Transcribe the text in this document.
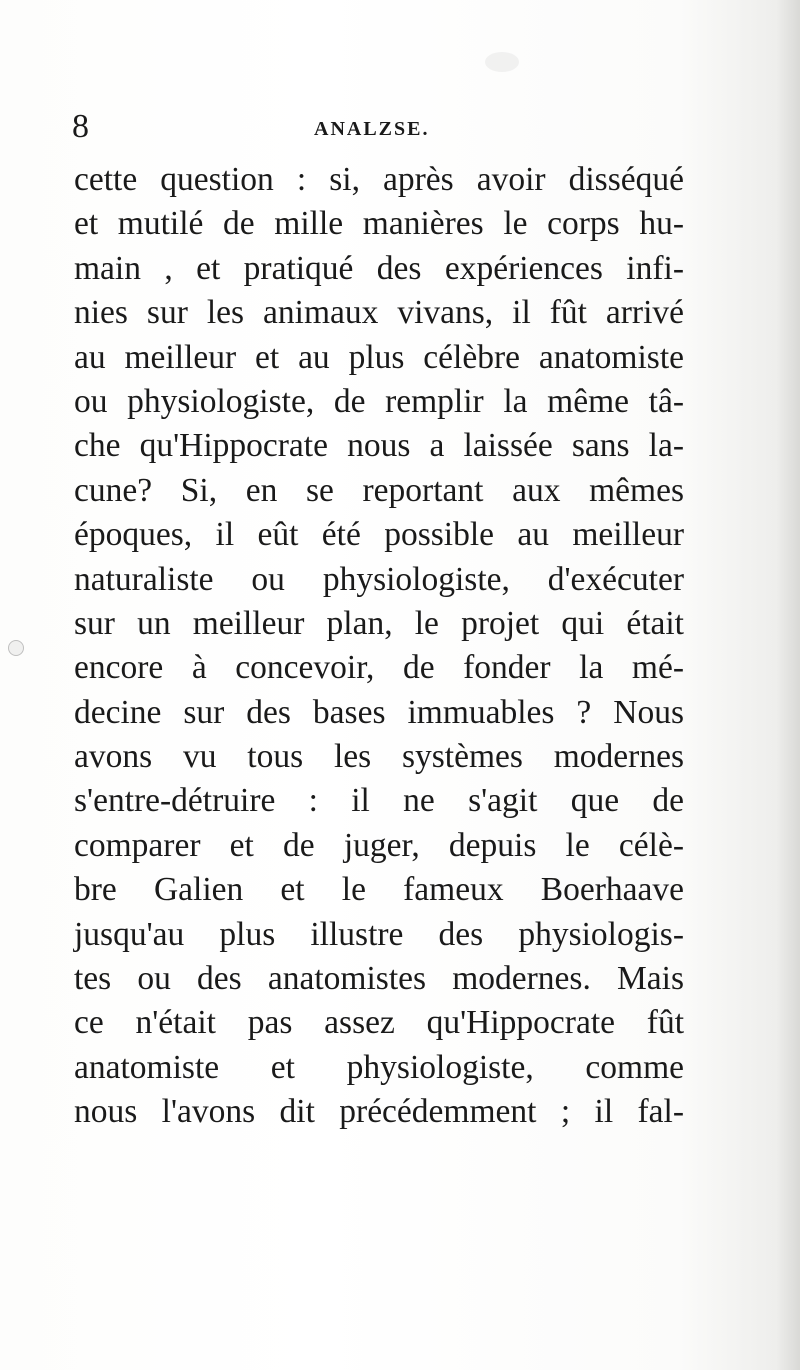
8	ANALZSE.
cette question : si, après avoir disséqué
et mutilé de mille manières le corps hu-
main , et pratiqué des expériences infi-
nies sur les animaux vivans, il fût arrivé
au meilleur et au plus célèbre anatomiste
ou physiologiste, de remplir la même tâ-
che qu'Hippocrate nous a laissée sans la-
cune? Si, en se reportant aux mêmes
époques, il eût été possible au meilleur
naturaliste ou physiologiste, d'exécuter
sur un meilleur plan, le projet qui était
encore à concevoir, de fonder la mé-
decine sur des bases immuables ? Nous
avons vu tous les systèmes modernes
s'entre-détruire : il ne s'agit que de
comparer et de juger, depuis le célè-
bre Galien et le fameux Boerhaave
jusqu'au plus illustre des physiologis-
tes ou des anatomistes modernes. Mais
ce n'était pas assez qu'Hippocrate fût
anatomiste et physiologiste, comme
nous l'avons dit précédemment ; il fal-
